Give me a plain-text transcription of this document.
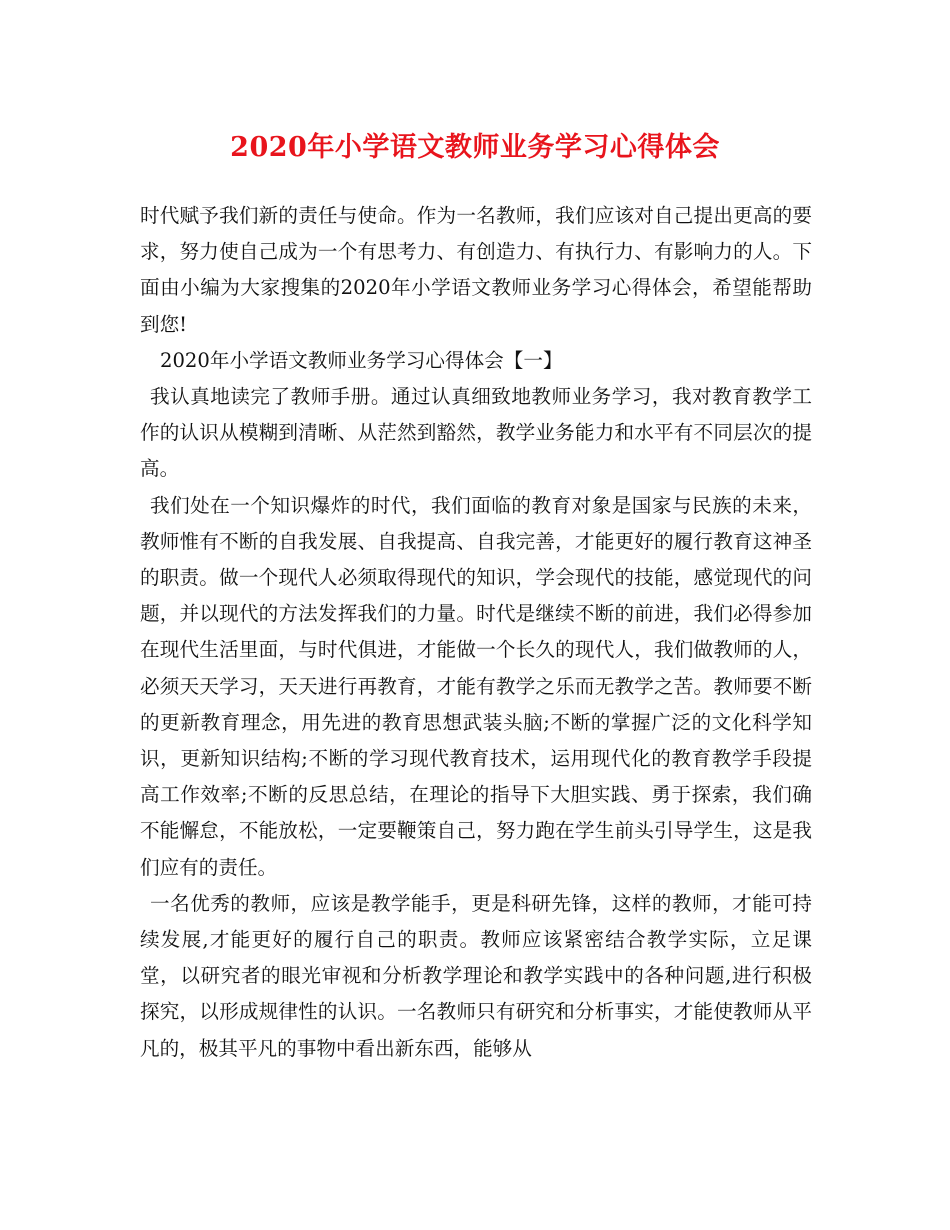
2020年小学语文教师业务学习心得体会

时代赋予我们新的责任与使命。作为一名教师，我们应该对自己提出更高的要求，努力使自己成为一个有思考力、有创造力、有执行力、有影响力的人。下面由小编为大家搜集的2020年小学语文教师业务学习心得体会，希望能帮助到您!

2020年小学语文教师业务学习心得体会【一】

我认真地读完了教师手册。通过认真细致地教师业务学习，我对教育教学工作的认识从模糊到清晰、从茫然到豁然，教学业务能力和水平有不同层次的提高。

我们处在一个知识爆炸的时代，我们面临的教育对象是国家与民族的未来，教师惟有不断的自我发展、自我提高、自我完善，才能更好的履行教育这神圣的职责。做一个现代人必须取得现代的知识，学会现代的技能，感觉现代的问题，并以现代的方法发挥我们的力量。时代是继续不断的前进，我们必得参加在现代生活里面，与时代俱进，才能做一个长久的现代人，我们做教师的人，必须天天学习，天天进行再教育，才能有教学之乐而无教学之苦。教师要不断的更新教育理念，用先进的教育思想武装头脑;不断的掌握广泛的文化科学知识，更新知识结构;不断的学习现代教育技术，运用现代化的教育教学手段提高工作效率;不断的反思总结，在理论的指导下大胆实践、勇于探索，我们确不能懈怠，不能放松，一定要鞭策自己，努力跑在学生前头引导学生，这是我们应有的责任。

一名优秀的教师，应该是教学能手，更是科研先锋，这样的教师，才能可持续发展,才能更好的履行自己的职责。教师应该紧密结合教学实际，立足课堂，以研究者的眼光审视和分析教学理论和教学实践中的各种问题,进行积极探究，以形成规律性的认识。一名教师只有研究和分析事实，才能使教师从平凡的，极其平凡的事物中看出新东西，能够从
